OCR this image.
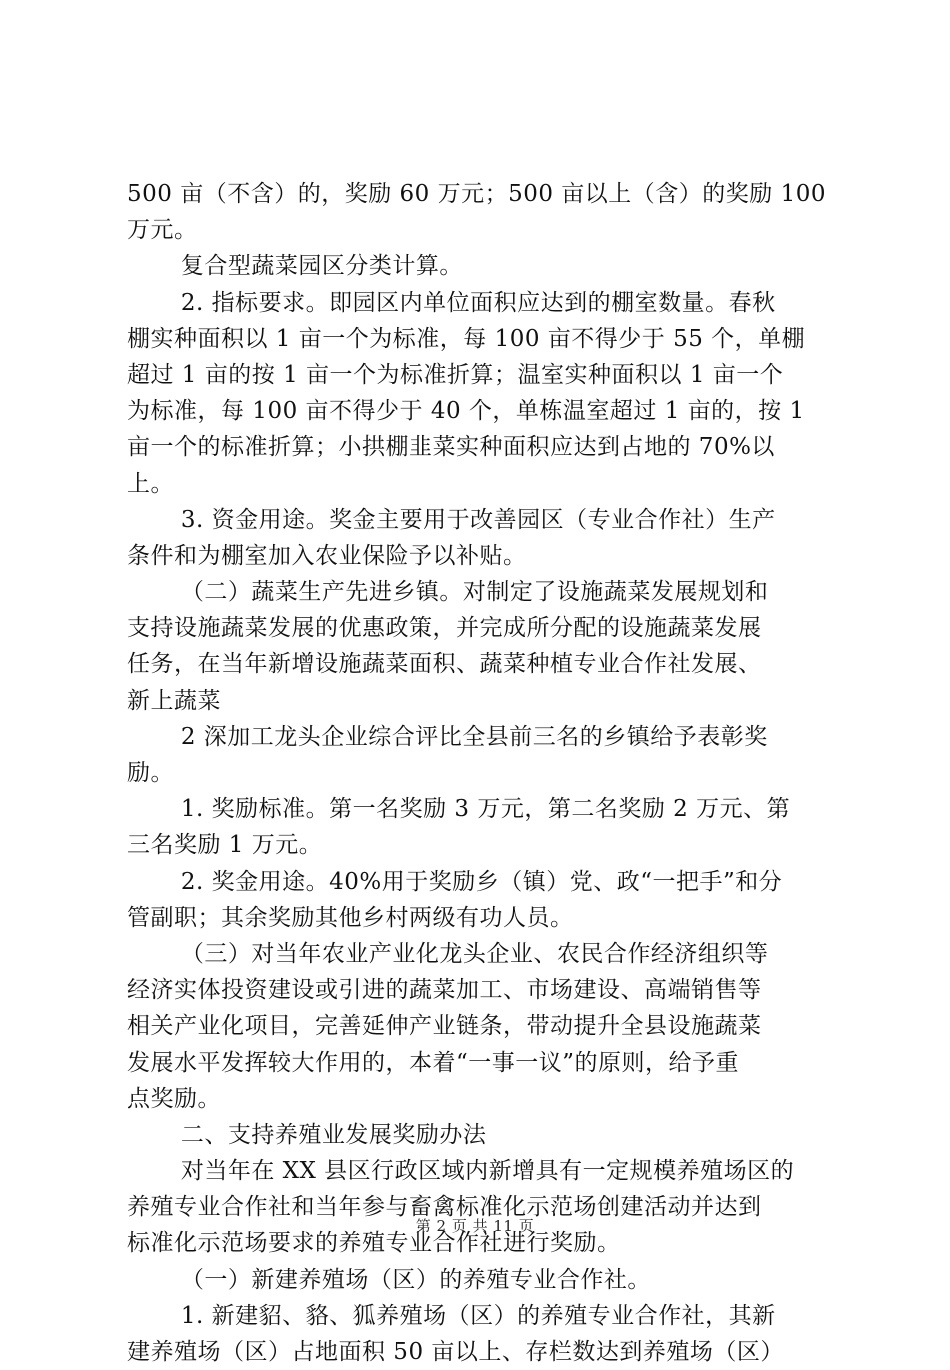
500 亩（不含）的，奖励 60 万元；500 亩以上（含）的奖励 100
万元。
复合型蔬菜园区分类计算。
2. 指标要求。即园区内单位面积应达到的棚室数量。春秋
棚实种面积以 1 亩一个为标准，每 100 亩不得少于 55 个，单棚
超过 1 亩的按 1 亩一个为标准折算；温室实种面积以 1 亩一个
为标准，每 100 亩不得少于 40 个，单栋温室超过 1 亩的，按 1
亩一个的标准折算；小拱棚韭菜实种面积应达到占地的 70%以
上。
3. 资金用途。奖金主要用于改善园区（专业合作社）生产
条件和为棚室加入农业保险予以补贴。
（二）蔬菜生产先进乡镇。对制定了设施蔬菜发展规划和
支持设施蔬菜发展的优惠政策，并完成所分配的设施蔬菜发展
任务，在当年新增设施蔬菜面积、蔬菜种植专业合作社发展、
新上蔬菜
2 深加工龙头企业综合评比全县前三名的乡镇给予表彰奖
励。
1. 奖励标准。第一名奖励 3 万元，第二名奖励 2 万元、第
三名奖励 1 万元。
2. 奖金用途。40%用于奖励乡（镇）党、政“一把手”和分
管副职；其余奖励其他乡村两级有功人员。
（三）对当年农业产业化龙头企业、农民合作经济组织等
经济实体投资建设或引进的蔬菜加工、市场建设、高端销售等
相关产业化项目，完善延伸产业链条，带动提升全县设施蔬菜
发展水平发挥较大作用的，本着“一事一议”的原则，给予重
点奖励。
二、支持养殖业发展奖励办法
对当年在 XX 县区行政区域内新增具有一定规模养殖场区的
养殖专业合作社和当年参与畜禽标准化示范场创建活动并达到
标准化示范场要求的养殖专业合作社进行奖励。
（一）新建养殖场（区）的养殖专业合作社。
1. 新建貂、貉、狐养殖场（区）的养殖专业合作社，其新
建养殖场（区）占地面积 50 亩以上、存栏数达到养殖场（区）
第 2 页 共 11 页
